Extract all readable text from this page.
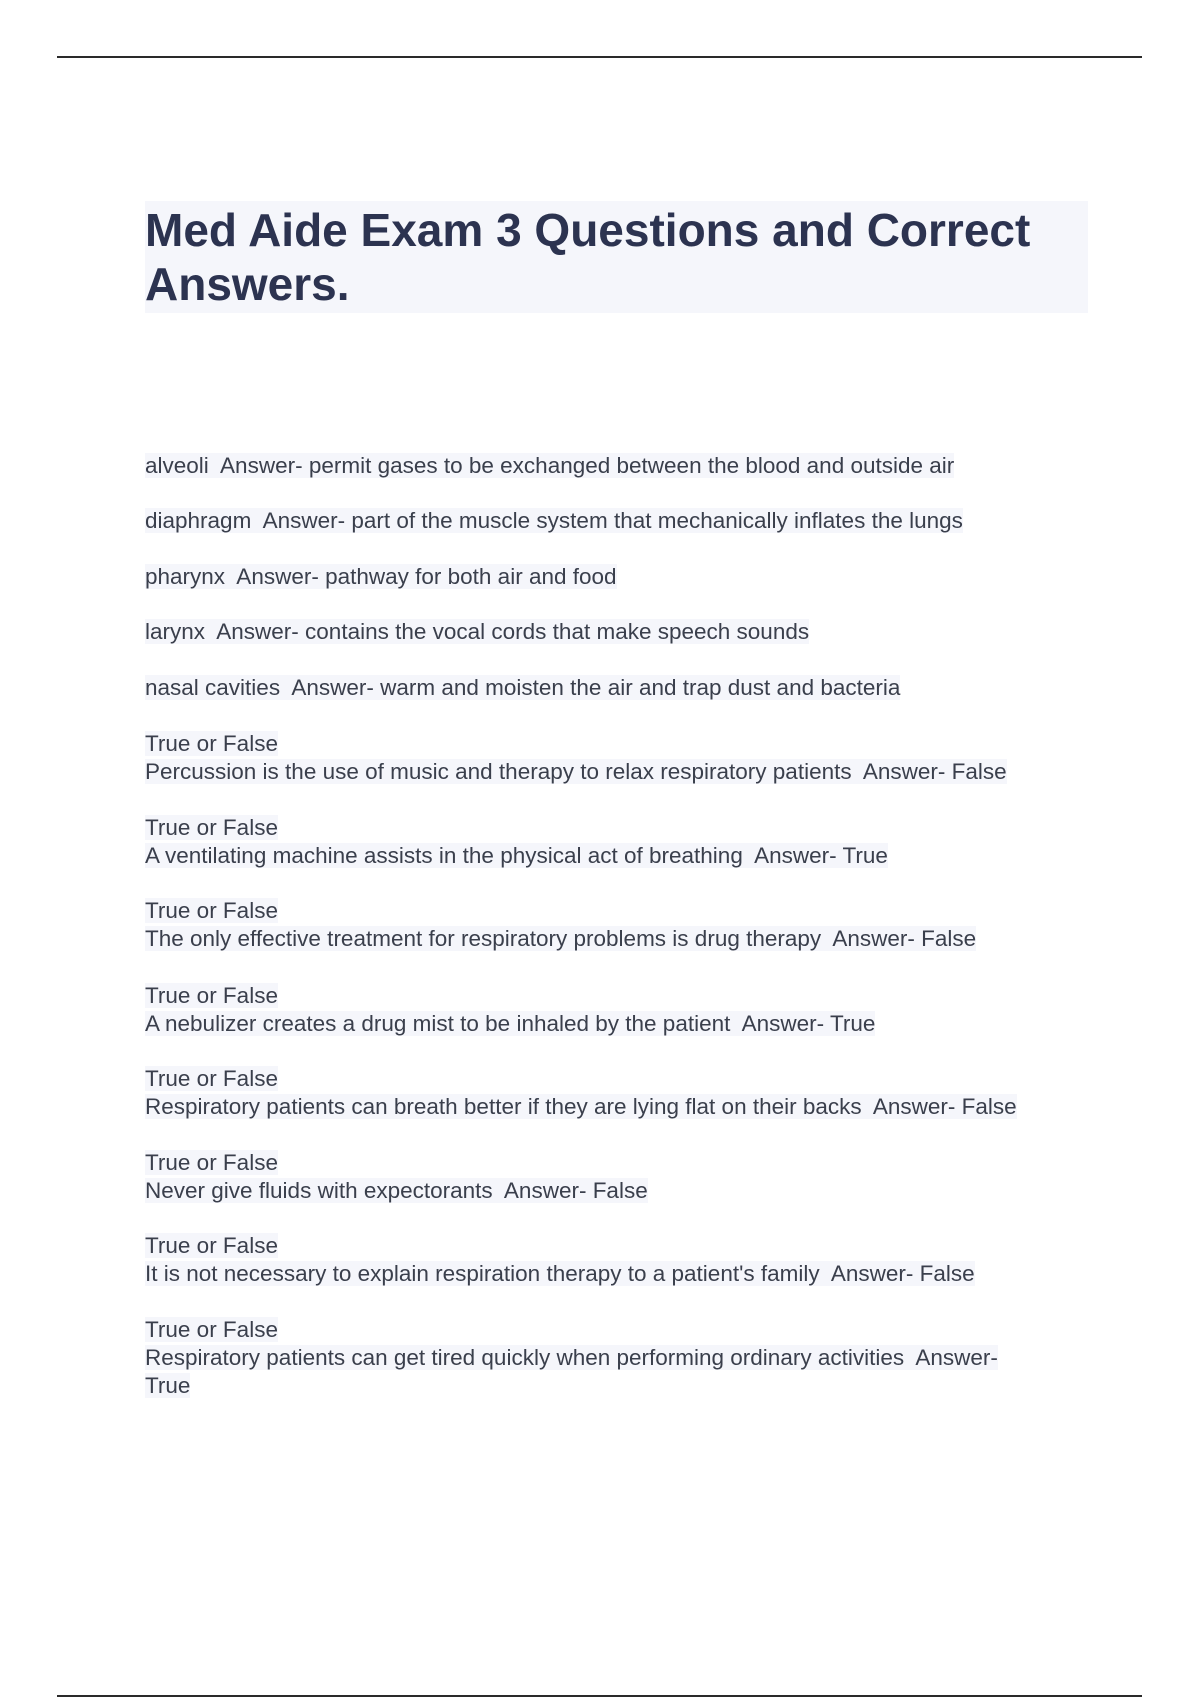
Med Aide Exam 3 Questions and Correct Answers.
alveoli  Answer- permit gases to be exchanged between the blood and outside air
diaphragm  Answer- part of the muscle system that mechanically inflates the lungs
pharynx  Answer- pathway for both air and food
larynx  Answer- contains the vocal cords that make speech sounds
nasal cavities  Answer- warm and moisten the air and trap dust and bacteria
True or False
Percussion is the use of music and therapy to relax respiratory patients  Answer- False
True or False
A ventilating machine assists in the physical act of breathing  Answer- True
True or False
The only effective treatment for respiratory problems is drug therapy  Answer- False
True or False
A nebulizer creates a drug mist to be inhaled by the patient  Answer- True
True or False
Respiratory patients can breath better if they are lying flat on their backs  Answer- False
True or False
Never give fluids with expectorants  Answer- False
True or False
It is not necessary to explain respiration therapy to a patient's family  Answer- False
True or False
Respiratory patients can get tired quickly when performing ordinary activities  Answer-
True
